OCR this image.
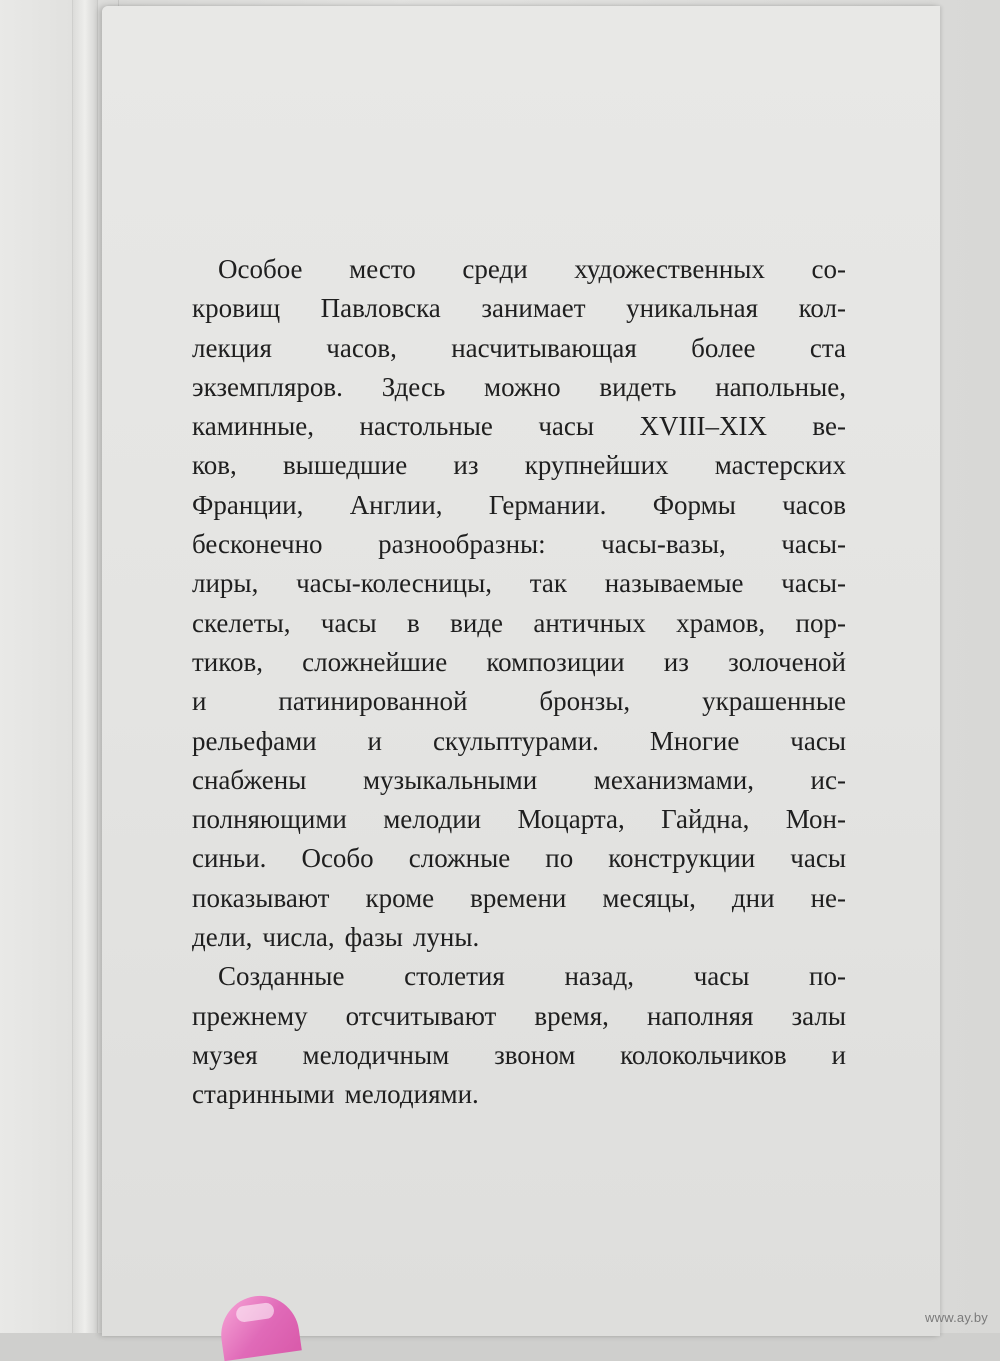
Особое место среди художественных со-
кровищ Павловска занимает уникальная кол-
лекция часов, насчитывающая более ста
экземпляров. Здесь можно видеть напольные,
каминные, настольные часы XVIII–XIX ве-
ков, вышедшие из крупнейших мастерских
Франции, Англии, Германии. Формы часов
бесконечно разнообразны: часы-вазы, часы-
лиры, часы-колесницы, так называемые часы-
скелеты, часы в виде античных храмов, пор-
тиков, сложнейшие композиции из золоченой
и	патинированной	бронзы,	украшенные
рельефами и скульптурами. Многие часы
снабжены музыкальными механизмами, ис-
полняющими мелодии Моцарта, Гайдна, Мон-
синьи. Особо сложные по конструкции часы
показывают кроме времени месяцы, дни не-
дели, числа, фазы луны.
Созданные столетия назад, часы по-
прежнему отсчитывают время, наполняя залы
музея мелодичным звоном колокольчиков и
старинными мелодиями.
www.ay.by
